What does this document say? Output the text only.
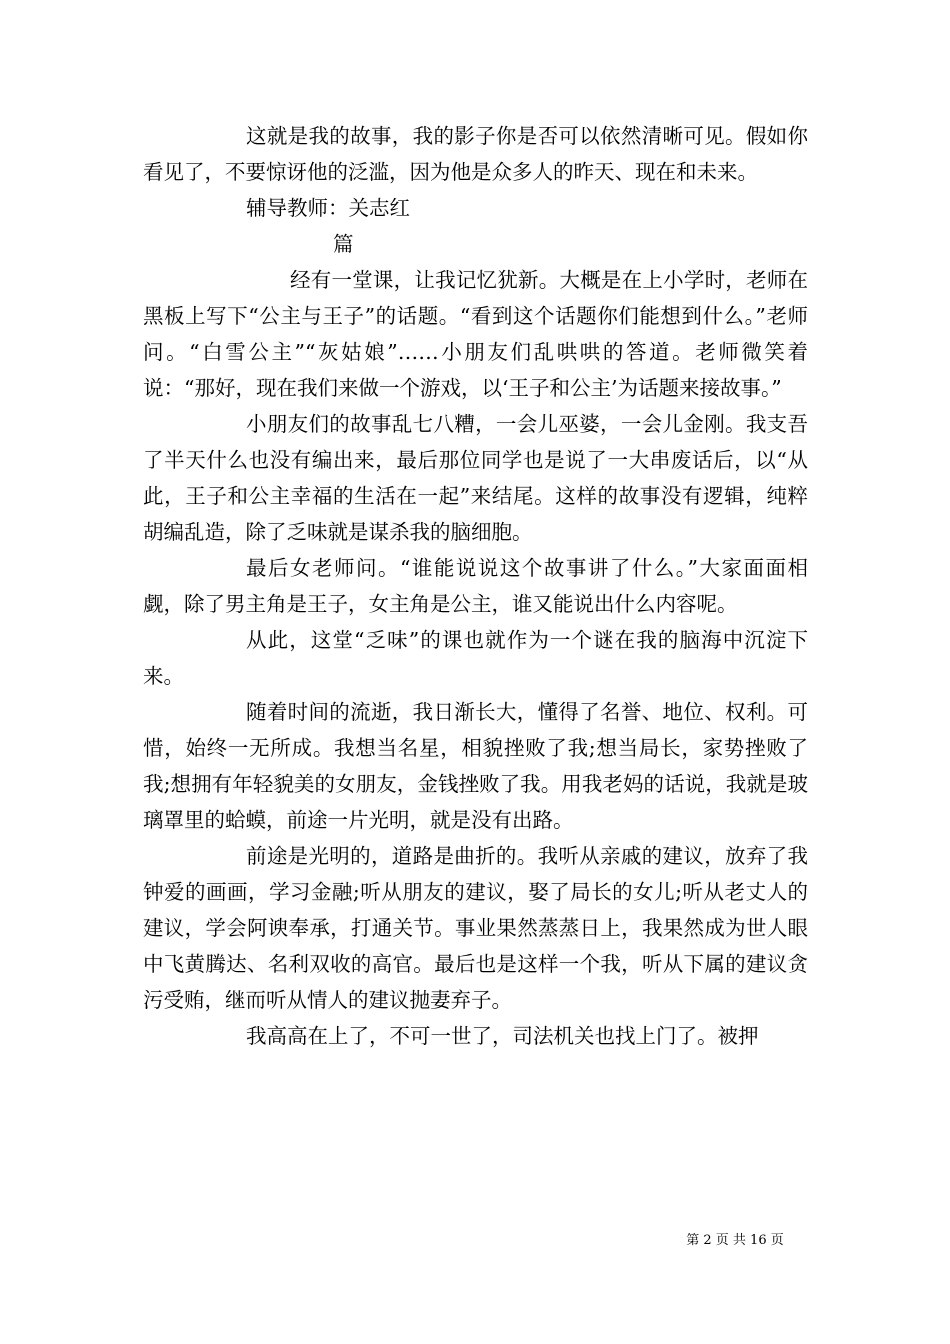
这就是我的故事，我的影子你是否可以依然清晰可见。假如你看见了，不要惊讶他的泛滥，因为他是众多人的昨天、现在和未来。

辅导教师：关志红

篇

经有一堂课，让我记忆犹新。大概是在上小学时，老师在黑板上写下“公主与王子”的话题。“看到这个话题你们能想到什么。”老师问。“白雪公主”“灰姑娘”……小朋友们乱哄哄的答道。老师微笑着说：“那好，现在我们来做一个游戏，以‘王子和公主’为话题来接故事。”

小朋友们的故事乱七八糟，一会儿巫婆，一会儿金刚。我支吾了半天什么也没有编出来，最后那位同学也是说了一大串废话后，以“从此，王子和公主幸福的生活在一起”来结尾。这样的故事没有逻辑，纯粹胡编乱造，除了乏味就是谋杀我的脑细胞。

最后女老师问。“谁能说说这个故事讲了什么。”大家面面相觑，除了男主角是王子，女主角是公主，谁又能说出什么内容呢。

从此，这堂“乏味”的课也就作为一个谜在我的脑海中沉淀下来。

随着时间的流逝，我日渐长大，懂得了名誉、地位、权利。可惜，始终一无所成。我想当名星，相貌挫败了我;想当局长，家势挫败了我;想拥有年轻貌美的女朋友，金钱挫败了我。用我老妈的话说，我就是玻璃罩里的蛤蟆，前途一片光明，就是没有出路。

前途是光明的，道路是曲折的。我听从亲戚的建议，放弃了我钟爱的画画，学习金融;听从朋友的建议，娶了局长的女儿;听从老丈人的建议，学会阿谀奉承，打通关节。事业果然蒸蒸日上，我果然成为世人眼中飞黄腾达、名利双收的高官。最后也是这样一个我，听从下属的建议贪污受贿，继而听从情人的建议抛妻弃子。

我高高在上了，不可一世了，司法机关也找上门了。被押

第 2 页 共 16 页
